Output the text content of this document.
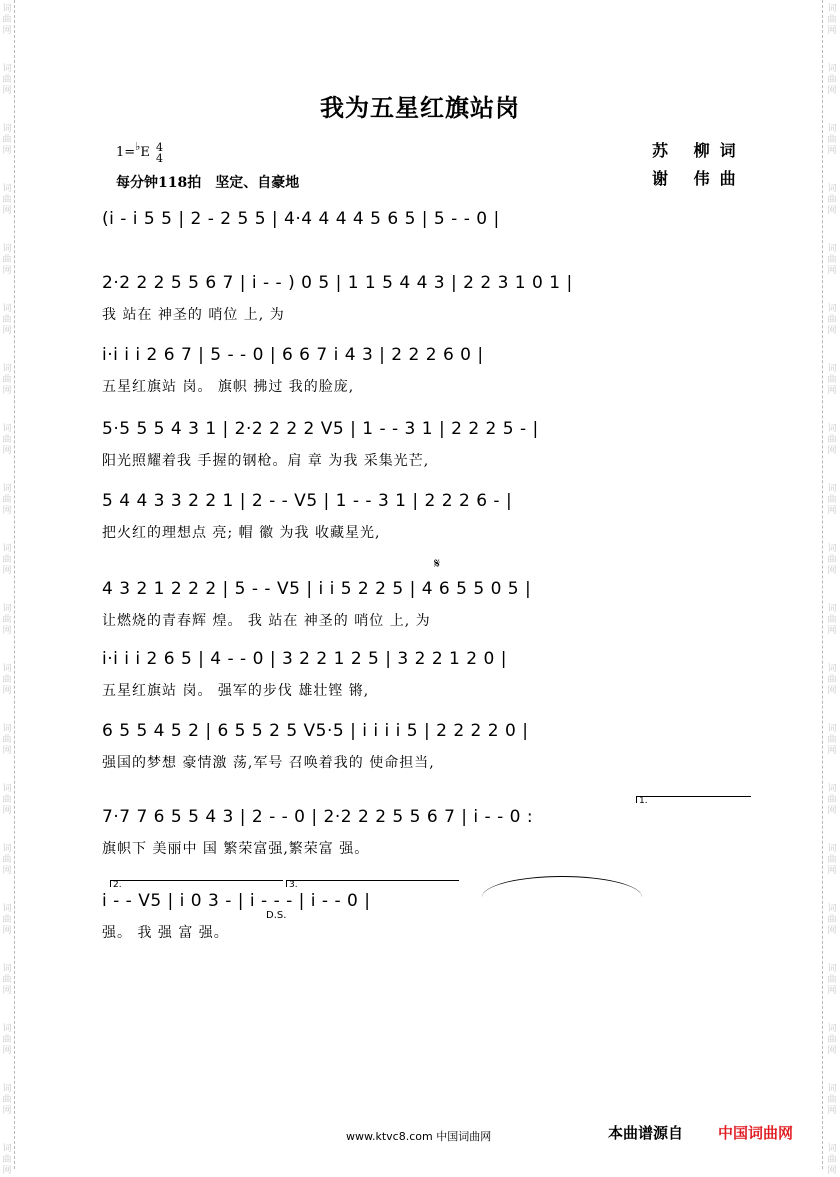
词
曲
网
词
曲
网
词
曲
网
词
曲
网
词
曲
网
词
曲
网
词
曲
网
词
曲
网
词
曲
网
词
曲
网
词
曲
网
词
曲
网
词
曲
网
词
曲
网
词
曲
网
词
曲
网
词
曲
网
词
曲
网
词
曲
网
词
曲
网
词
曲
网
词
曲
网
词
曲
网
词
曲
网
词
曲
网
词
曲
网
词
曲
网
词
曲
网
词
曲
网
词
曲
网
词
曲
网
词
曲
网
词
曲
网
词
曲
网
词
曲
网
词
曲
网
词
曲
网
词
曲
网
词
曲
网
词
曲
网
我为五星红旗站岗
1=♭E 4
4
每分钟118拍　坚定、自豪地
苏 柳词
谢 伟曲
(i - i 5 5 | 2 - 2 5 5 | 4·4 4 4 4 5 6 5 | 5 - - 0 |
2·2 2 2 5 5 6 7 | i - - ) 0 5 | 1 1 5 4 4 3 | 2 2 3 1 0 1 |
我 站在 神圣的 哨位 上, 为
i·i i i 2 6 7 | 5 - - 0 | 6 6 7 i 4 3 | 2 2 2 6 0 |
五星红旗站 岗。 旗帜 拂过 我的脸庞,
5·5 5 5 4 3 1 | 2·2 2 2 2 V5 | 1 - - 3 1 | 2 2 2 5 - |
阳光照耀着我 手握的钢枪。肩 章 为我 采集光芒,
5 4 4 3 3 2 2 1 | 2 - - V5 | 1 - - 3 1 | 2 2 2 6 - |
把火红的理想点 亮; 帽 徽 为我 收藏星光,
𝄋
4 3 2 1 2 2 2 | 5 - - V5 | i i 5 2 2 5 | 4 6 5 5 0 5 |
让燃烧的青春辉 煌。 我 站在 神圣的 哨位 上, 为
i·i i i 2 6 5 | 4 - - 0 | 3 2 2 1 2 5 | 3 2 2 1 2 0 |
五星红旗站 岗。 强军的步伐 雄壮铿 锵,
6 5 5 4 5 2 | 6 5 5 2 5 V5·5 | i i i i 5 | 2 2 2 2 0 |
强国的梦想 豪情激 荡,军号 召唤着我的 使命担当,
1.
7·7 7 6 5 5 4 3 | 2 - - 0 | 2·2 2 2 5 5 6 7 | i - - 0 :
旗帜下 美丽中 国 繁荣富强,繁荣富 强。
2.	3.
D.S.
i - - V5 | i 0 3 - | i - - - | i - - 0 |
强。 我 强 富 强。
www.ktvc8.com 中国词曲网	本曲谱源自 中国词曲网
